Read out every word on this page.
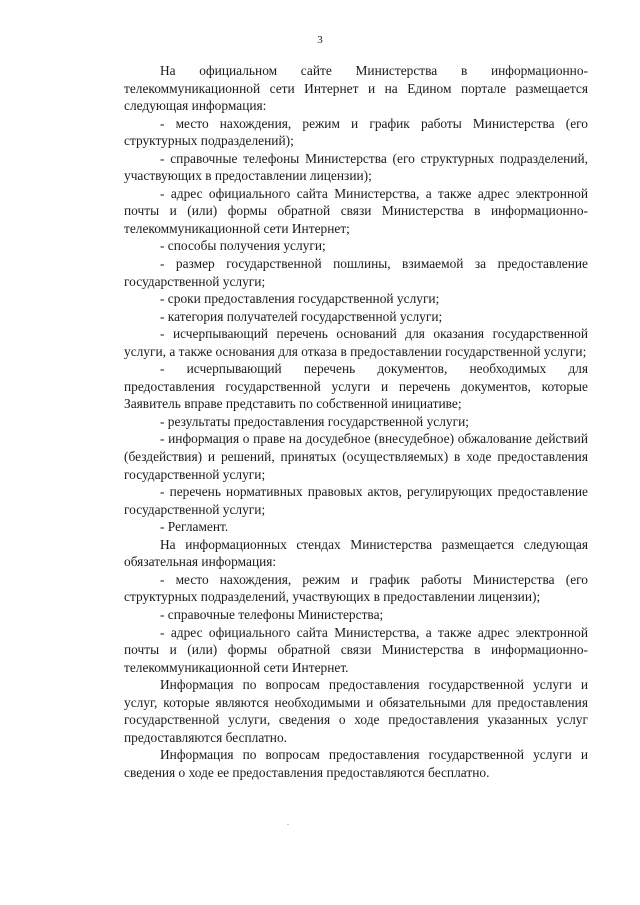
3

На официальном сайте Министерства в информационно-телекоммуникационной сети Интернет и на Едином портале размещается следующая информация:

- место нахождения, режим и график работы Министерства (его структурных подразделений);

- справочные телефоны Министерства (его структурных подразделений, участвующих в предоставлении лицензии);

- адрес официального сайта Министерства, а также адрес электронной почты и (или) формы обратной связи Министерства в информационно-телекоммуникационной сети Интернет;

- способы получения услуги;

- размер государственной пошлины, взимаемой за предоставление государственной услуги;

- сроки предоставления государственной услуги;

- категория получателей государственной услуги;

- исчерпывающий перечень оснований для оказания государственной услуги, а также основания для отказа в предоставлении государственной услуги;

- исчерпывающий перечень документов, необходимых для предоставления государственной услуги и перечень документов, которые Заявитель вправе представить по собственной инициативе;

- результаты предоставления государственной услуги;

- информация о праве на досудебное (внесудебное) обжалование действий (бездействия) и решений, принятых (осуществляемых) в ходе предоставления государственной услуги;

- перечень нормативных правовых актов, регулирующих предоставление государственной услуги;

- Регламент.

На информационных стендах Министерства размещается следующая обязательная информация:

- место нахождения, режим и график работы Министерства (его структурных подразделений, участвующих в предоставлении лицензии);

- справочные телефоны Министерства;

- адрес официального сайта Министерства, а также адрес электронной почты и (или) формы обратной связи Министерства в информационно-телекоммуникационной сети Интернет.

Информация по вопросам предоставления государственной услуги и услуг, которые являются необходимыми и обязательными для предоставления государственной услуги, сведения о ходе предоставления указанных услуг предоставляются бесплатно.

Информация по вопросам предоставления государственной услуги и сведения о ходе ее предоставления предоставляются бесплатно.
